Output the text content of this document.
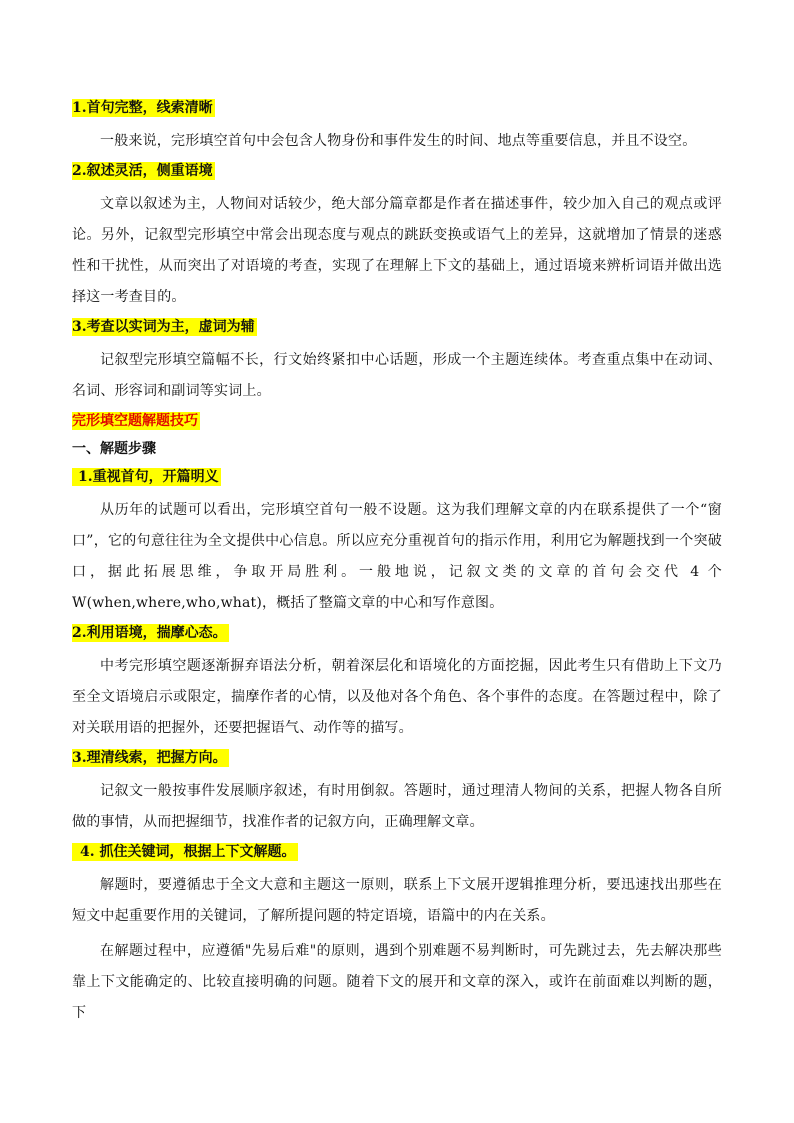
1.首句完整，线索清晰

一般来说，完形填空首句中会包含人物身份和事件发生的时间、地点等重要信息，并且不设空。

2.叙述灵活，侧重语境

文章以叙述为主，人物间对话较少，绝大部分篇章都是作者在描述事件，较少加入自己的观点或评论。另外，记叙型完形填空中常会出现态度与观点的跳跃变换或语气上的差异，这就增加了情景的迷惑性和干扰性，从而突出了对语境的考查，实现了在理解上下文的基础上，通过语境来辨析词语并做出选择这一考查目的。

3.考查以实词为主，虚词为辅

记叙型完形填空篇幅不长，行文始终紧扣中心话题，形成一个主题连续体。考查重点集中在动词、名词、形容词和副词等实词上。

完形填空题解题技巧
一、解题步骤
1.重视首句，开篇明义

从历年的试题可以看出，完形填空首句一般不设题。这为我们理解文章的内在联系提供了一个“窗口”，它的句意往往为全文提供中心信息。所以应充分重视首句的指示作用，利用它为解题找到一个突破口，据此拓展思维，争取开局胜利。一般地说，记叙文类的文章的首句会交代 4 个 W(when,where,who,what)，概括了整篇文章的中心和写作意图。

2.利用语境，揣摩心态。

中考完形填空题逐渐摒弃语法分析，朝着深层化和语境化的方面挖掘，因此考生只有借助上下文乃至全文语境启示或限定，揣摩作者的心情，以及他对各个角色、各个事件的态度。在答题过程中，除了对关联用语的把握外，还要把握语气、动作等的描写。

3.理清线索，把握方向。

记叙文一般按事件发展顺序叙述，有时用倒叙。答题时，通过理清人物间的关系，把握人物各自所做的事情，从而把握细节，找准作者的记叙方向，正确理解文章。

4. 抓住关键词，根据上下文解题。

解题时，要遵循忠于全文大意和主题这一原则，联系上下文展开逻辑推理分析，要迅速找出那些在短文中起重要作用的关键词，了解所提问题的特定语境，语篇中的内在关系。

在解题过程中，应遵循"先易后难"的原则，遇到个别难题不易判断时，可先跳过去，先去解决那些靠上下文能确定的、比较直接明确的问题。随着下文的展开和文章的深入，或许在前面难以判断的题，下
